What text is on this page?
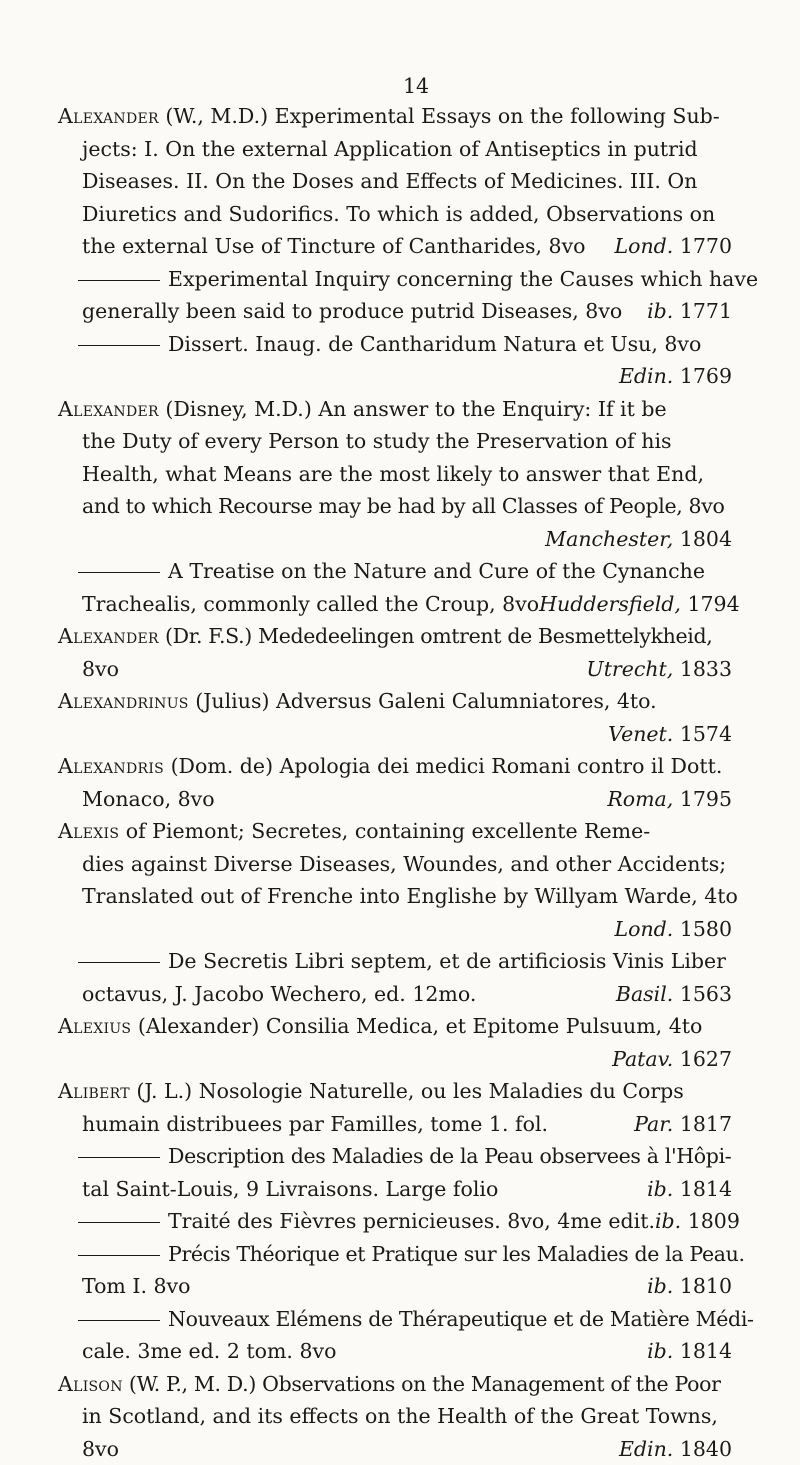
14
Alexander (W., M.D.) Experimental Essays on the following Sub-
jects: I. On the external Application of Antiseptics in putrid
Diseases. II. On the Doses and Effects of Medicines. III. On
Diuretics and Sudorifics. To which is added, Observations on
the external Use of Tincture of Cantharides, 8vo Lond. 1770
Experimental Inquiry concerning the Causes which have
generally been said to produce putrid Diseases, 8vo ib. 1771
Dissert. Inaug. de Cantharidum Natura et Usu, 8vo
Edin. 1769
Alexander (Disney, M.D.) An answer to the Enquiry: If it be
the Duty of every Person to study the Preservation of his
Health, what Means are the most likely to answer that End,
and to which Recourse may be had by all Classes of People, 8vo
Manchester, 1804
A Treatise on the Nature and Cure of the Cynanche
Trachealis, commonly called the Croup, 8vo Huddersfield, 1794
Alexander (Dr. F.S.) Mededeelingen omtrent de Besmettelykheid,
8vo	Utrecht, 1833
Alexandrinus (Julius) Adversus Galeni Calumniatores, 4to.
Venet. 1574
Alexandris (Dom. de) Apologia dei medici Romani contro il Dott.
Monaco, 8vo	Roma, 1795
Alexis of Piemont; Secretes, containing excellente Reme-
dies against Diverse Diseases, Woundes, and other Accidents;
Translated out of Frenche into Englishe by Willyam Warde, 4to
Lond. 1580
De Secretis Libri septem, et de artificiosis Vinis Liber
octavus, J. Jacobo Wechero, ed. 12mo.	Basil. 1563
Alexius (Alexander) Consilia Medica, et Epitome Pulsuum, 4to
Patav. 1627
Alibert (J. L.) Nosologie Naturelle, ou les Maladies du Corps
humain distribuees par Familles, tome 1. fol.	Par. 1817
Description des Maladies de la Peau observees à l'Hôpi-
tal Saint-Louis, 9 Livraisons. Large folio	ib. 1814
Traité des Fièvres pernicieuses. 8vo, 4me edit. ib. 1809
Précis Théorique et Pratique sur les Maladies de la Peau.
Tom I. 8vo	ib. 1810
Nouveaux Elémens de Thérapeutique et de Matière Médi-
cale. 3me ed. 2 tom. 8vo	ib. 1814
Alison (W. P., M. D.) Observations on the Management of the Poor
in Scotland, and its effects on the Health of the Great Towns,
8vo	Edin. 1840
